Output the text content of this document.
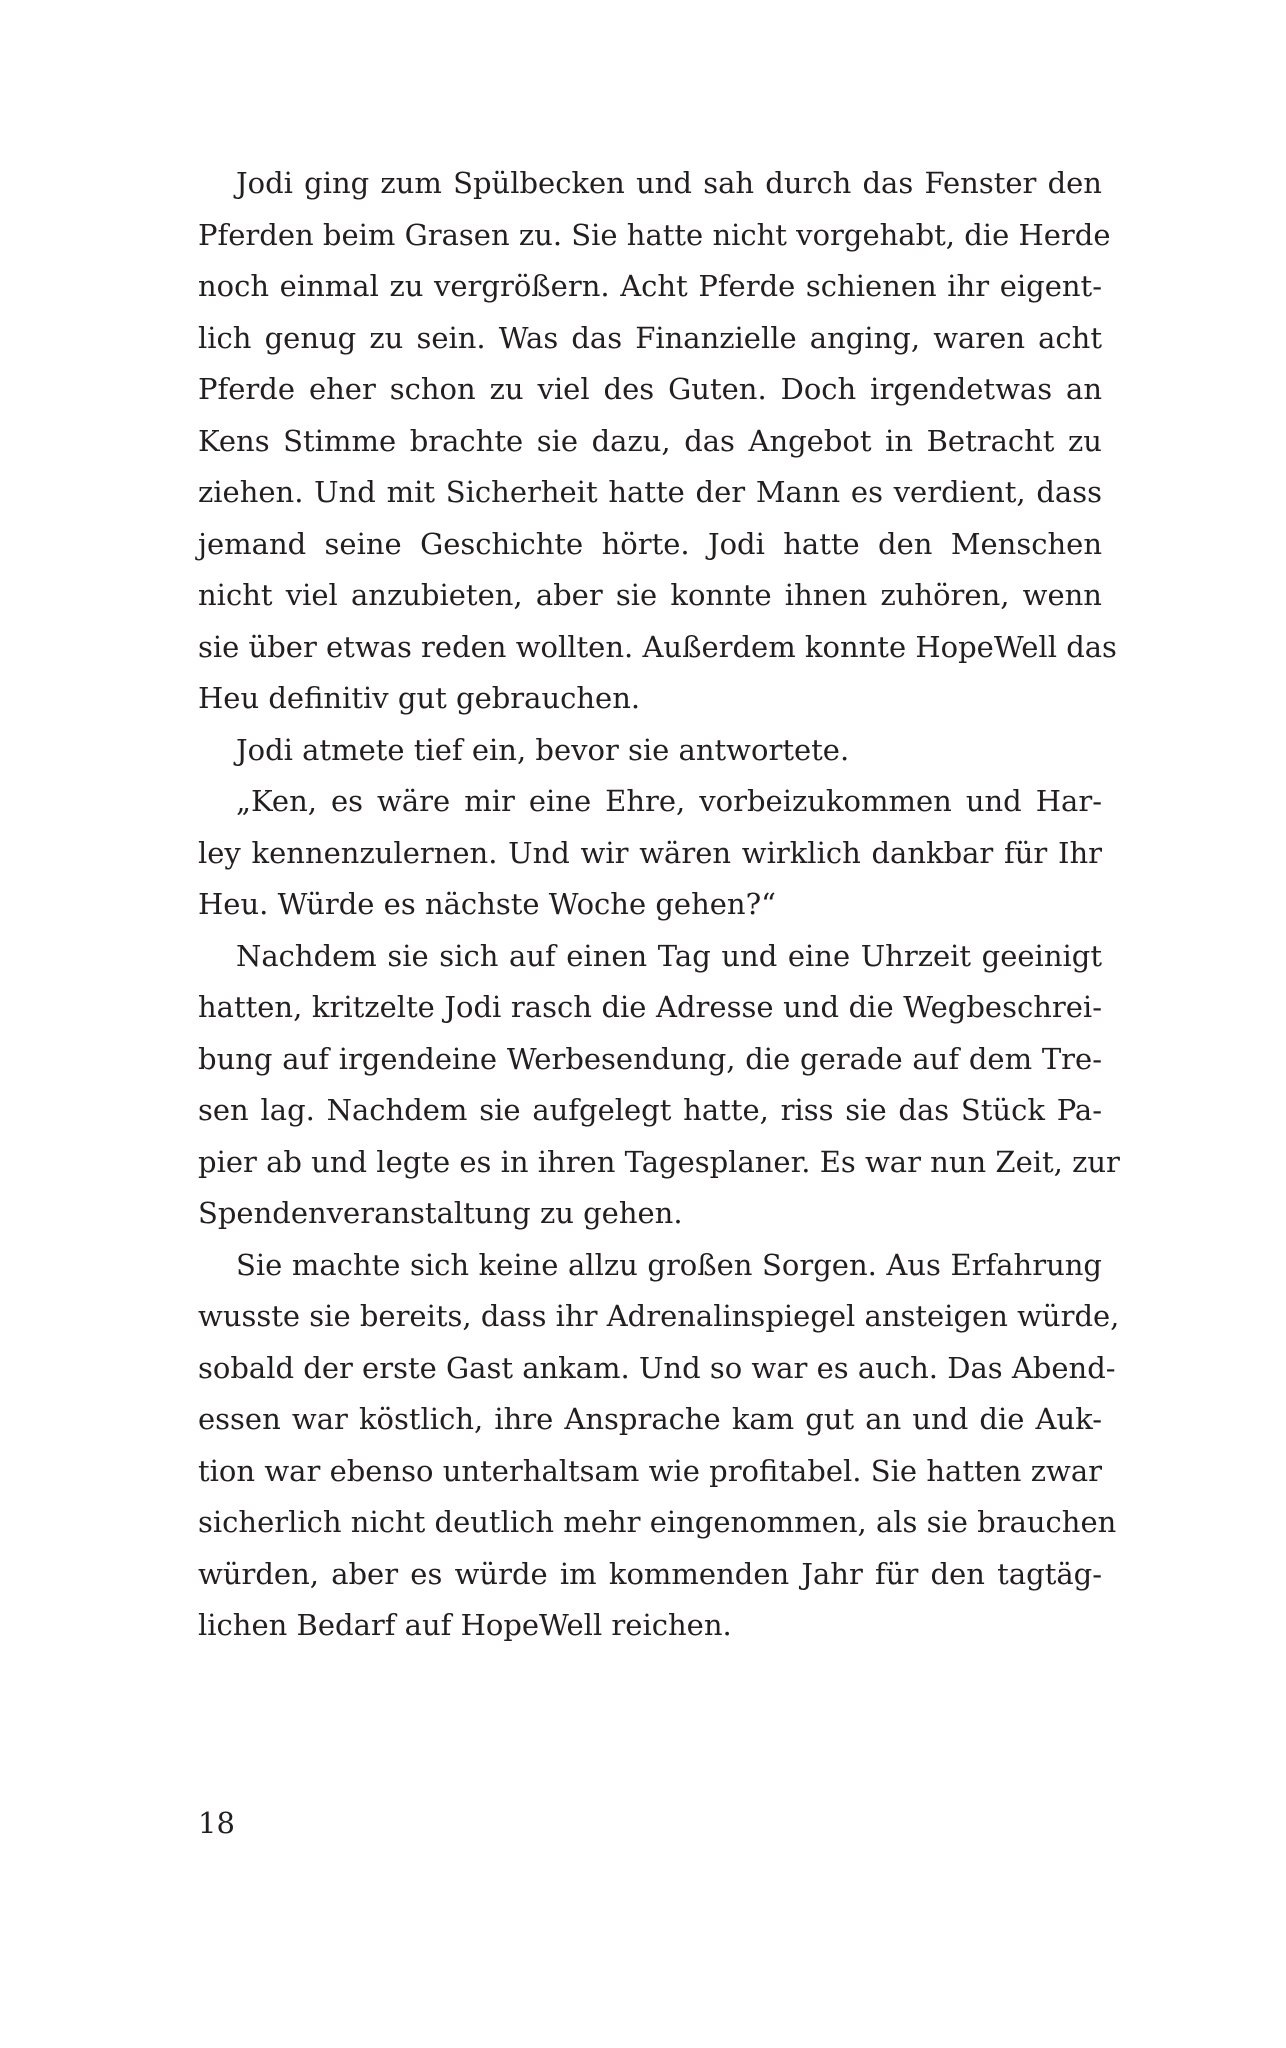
Jodi ging zum Spülbecken und sah durch das Fenster den
Pferden beim Grasen zu. Sie hatte nicht vorgehabt, die Herde
noch einmal zu vergrößern. Acht Pferde schienen ihr eigent-
lich genug zu sein. Was das Finanzielle anging, waren acht
Pferde eher schon zu viel des Guten. Doch irgendetwas an
Kens Stimme brachte sie dazu, das Angebot in Betracht zu
ziehen. Und mit Sicherheit hatte der Mann es verdient, dass
jemand seine Geschichte hörte. Jodi hatte den Menschen
nicht viel anzubieten, aber sie konnte ihnen zuhören, wenn
sie über etwas reden wollten. Außerdem konnte HopeWell das
Heu definitiv gut gebrauchen.
Jodi atmete tief ein, bevor sie antwortete.
„Ken, es wäre mir eine Ehre, vorbeizukommen und Har-
ley kennenzulernen. Und wir wären wirklich dankbar für Ihr
Heu. Würde es nächste Woche gehen?“
Nachdem sie sich auf einen Tag und eine Uhrzeit geeinigt
hatten, kritzelte Jodi rasch die Adresse und die Wegbeschrei-
bung auf irgendeine Werbesendung, die gerade auf dem Tre-
sen lag. Nachdem sie aufgelegt hatte, riss sie das Stück Pa-
pier ab und legte es in ihren Tagesplaner. Es war nun Zeit, zur
Spendenveranstaltung zu gehen.
Sie machte sich keine allzu großen Sorgen. Aus Erfahrung
wusste sie bereits, dass ihr Adrenalinspiegel ansteigen würde,
sobald der erste Gast ankam. Und so war es auch. Das Abend-
essen war köstlich, ihre Ansprache kam gut an und die Auk-
tion war ebenso unterhaltsam wie profitabel. Sie hatten zwar
sicherlich nicht deutlich mehr eingenommen, als sie brauchen
würden, aber es würde im kommenden Jahr für den tagtäg-
lichen Bedarf auf HopeWell reichen.
18
